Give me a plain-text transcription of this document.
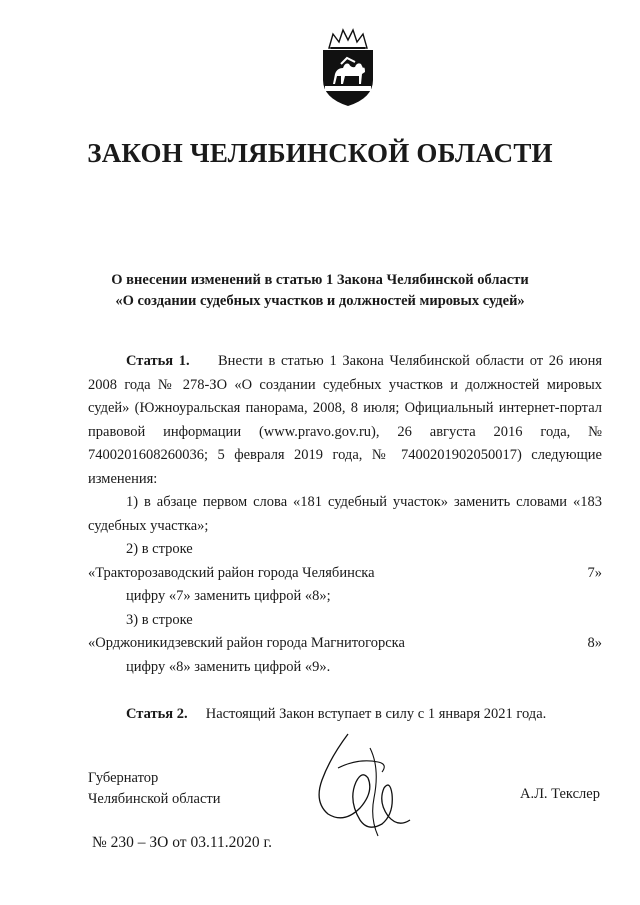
ЗАКОН ЧЕЛЯБИНСКОЙ ОБЛАСТИ
О внесении изменений в статью 1 Закона Челябинской области
«О создании судебных участков и должностей мировых судей»

Статья 1. Внести в статью 1 Закона Челябинской области от 26 июня 2008 года № 278-ЗО «О создании судебных участков и должностей мировых судей» (Южноуральская панорама, 2008, 8 июля; Официальный интернет-портал правовой информации (www.pravo.gov.ru), 26 августа 2016 года, № 7400201608260036; 5 февраля 2019 года, № 7400201902050017) следующие изменения:

1) в абзаце первом слова «181 судебный участок» заменить словами «183 судебных участка»;

2) в строке

«Тракторозаводский район города Челябинска	7»

цифру «7» заменить цифрой «8»;

3) в строке

«Орджоникидзевский район города Магнитогорска	8»

цифру «8» заменить цифрой «9».

Статья 2. Настоящий Закон вступает в силу с 1 января 2021 года.

Губернатор
Челябинской области	А.Л. Текслер
№ 230 – ЗО от 03.11.2020 г.
